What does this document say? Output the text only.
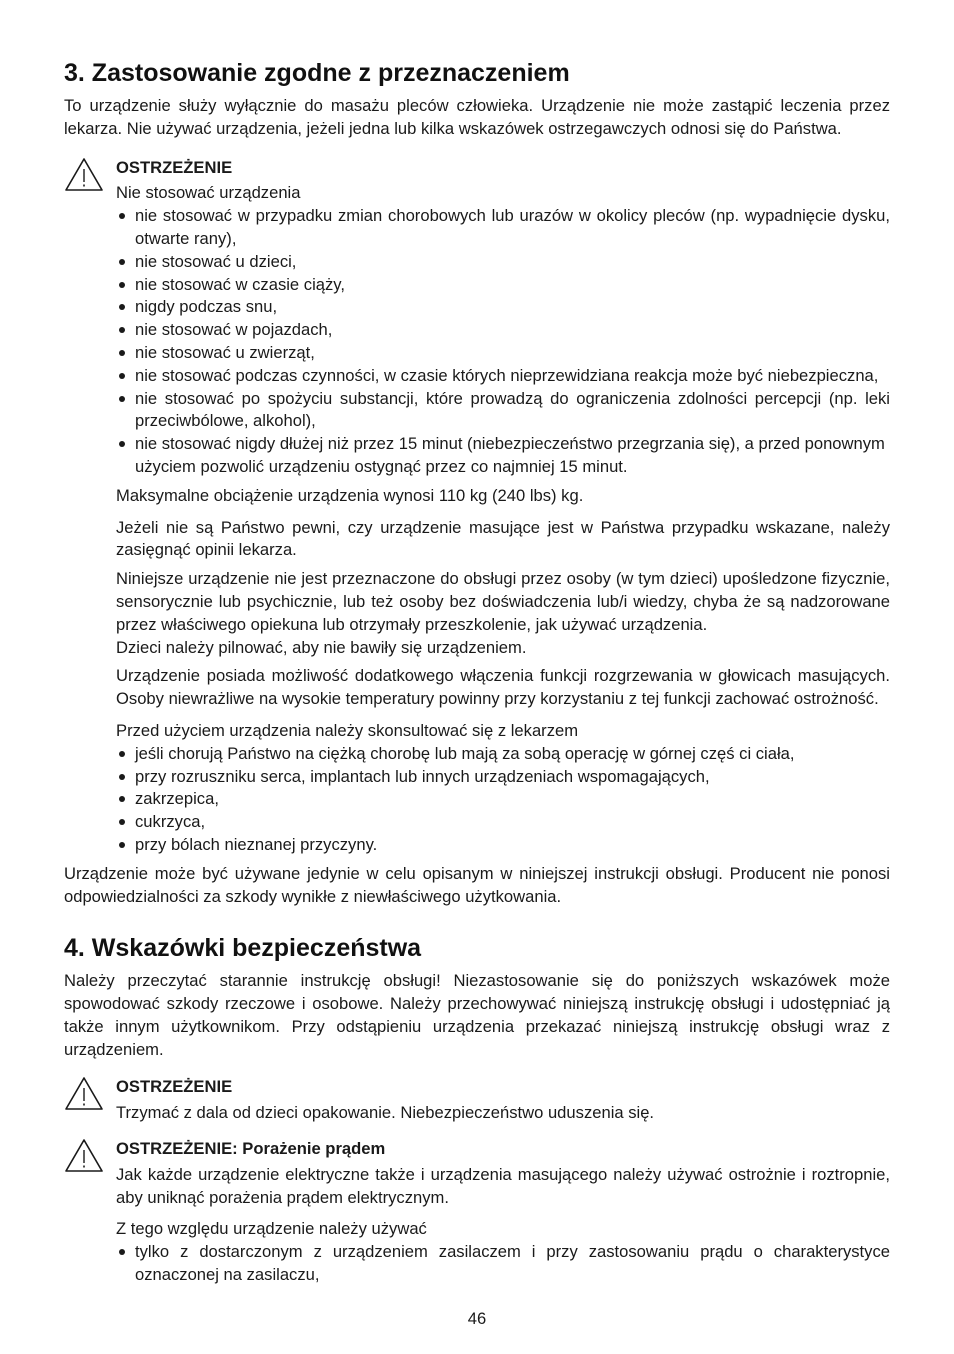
3. Zastosowanie zgodne z przeznaczeniem

To urządzenie służy wyłącznie do masażu pleców człowieka. Urządzenie nie może zastąpić leczenia przez lekarza. Nie używać urządzenia, jeżeli jedna lub kilka wskazówek ostrzegawczych odnosi się do Państwa.

OSTRZEŻENIE

Nie stosować urządzenia

nie stosować w przypadku zmian chorobowych lub urazów w okolicy pleców (np. wypadnięcie dysku, otwarte rany),
nie stosować u dzieci,
nie stosować w czasie ciąży,
nigdy podczas snu,
nie stosować w pojazdach,
nie stosować u zwierząt,
nie stosować podczas czynności, w czasie których nieprzewidziana reakcja może być niebezpieczna,
nie stosować po spożyciu substancji, które prowadzą do ograniczenia zdolności percepcji (np. leki przeciwbólowe, alkohol),
nie stosować nigdy dłużej niż przez 15 minut (niebezpieczeństwo przegrzania się), a przed ponownym użyciem pozwolić urządzeniu ostygnąć przez co najmniej 15 minut.

Maksymalne obciążenie urządzenia wynosi 110 kg (240 lbs) kg.

Jeżeli nie są Państwo pewni, czy urządzenie masujące jest w Państwa przypadku wskazane, należy zasięgnąć opinii lekarza.

Niniejsze urządzenie nie jest przeznaczone do obsługi przez osoby (w tym dzieci) upośledzone fizycznie, sensorycznie lub psychicznie, lub też osoby bez doświadczenia lub/i wiedzy, chyba że są nadzorowane przez właściwego opiekuna lub otrzymały przeszkolenie, jak używać urządzenia.

Dzieci należy pilnować, aby nie bawiły się urządzeniem.

Urządzenie posiada możliwość dodatkowego włączenia funkcji rozgrzewania w głowicach masujących. Osoby niewrażliwe na wysokie temperatury powinny przy korzystaniu z tej funkcji zachować ostrożność.

Przed użyciem urządzenia należy skonsultować się z lekarzem

jeśli chorują Państwo na ciężką chorobę lub mają za sobą operację w górnej częś ci ciała,
przy rozruszniku serca, implantach lub innych urządzeniach wspomagających,
zakrzepica,
cukrzyca,
przy bólach nieznanej przyczyny.

Urządzenie może być używane jedynie w celu opisanym w niniejszej instrukcji obsługi. Producent nie ponosi odpowiedzialności za szkody wynikłe z niewłaściwego użytkowania.

4. Wskazówki bezpieczeństwa

Należy przeczytać starannie instrukcję obsługi! Niezastosowanie się do poniższych wskazówek może spowodować szkody rzeczowe i osobowe. Należy przechowywać niniejszą instrukcję obsługi i udostępniać ją także innym użytkownikom. Przy odstąpieniu urządzenia przekazać niniejszą instrukcję obsługi wraz z urządzeniem.

OSTRZEŻENIE

Trzymać z dala od dzieci opakowanie. Niebezpieczeństwo uduszenia się.

OSTRZEŻENIE: Porażenie prądem

Jak każde urządzenie elektryczne także i urządzenia masującego należy używać ostrożnie i roztropnie, aby uniknąć porażenia prądem elektrycznym.

Z tego względu urządzenie należy używać

tylko z dostarczonym z urządzeniem zasilaczem i przy zastosowaniu prądu o charakterystyce oznaczonej na zasilaczu,
46
